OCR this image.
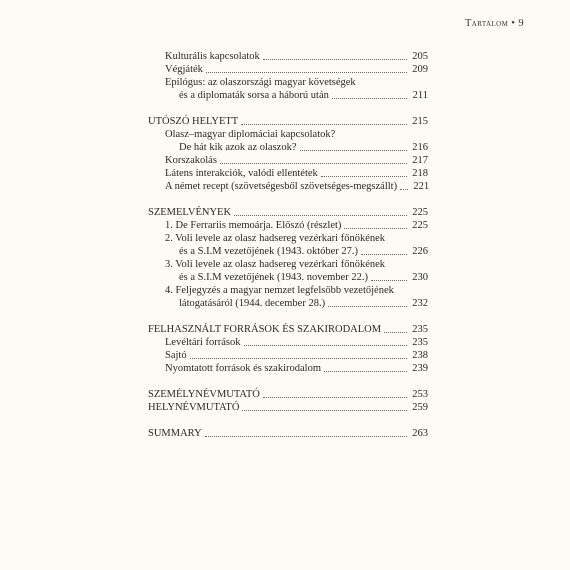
Tartalom • 9
Kulturális kapcsolatok	205
Végjáték	209
Epilógus: az olaszországi magyar követségek
és a diplomaták sorsa a háború után	211
UTÓSZÓ HELYETT	215
Olasz–magyar diplomáciai kapcsolatok?
De hát kik azok az olaszok?	216
Korszakolás	217
Látens interakciók, valódi ellentétek	218
A német recept (szövetségesből szövetséges-megszállt) 221
SZEMELVÉNYEK	225
1. De Ferrariis memoárja. Előszó (részlet)	225
2. Voli levele az olasz hadsereg vezérkari főnökének
és a S.I.M vezetőjének (1943. október 27.)	226
3. Voli levele az olasz hadsereg vezérkari főnökének
és a S.I.M vezetőjének (1943. november 22.)	230
4. Feljegyzés a magyar nemzet legfelsőbb vezetőjének
látogatásáról (1944. december 28.)	232
FELHASZNÁLT FORRÁSOK ÉS SZAKIRODALOM	235
Levéltári források	235
Sajtó	238
Nyomtatott források és szakirodalom	239
SZEMÉLYNÉVMUTATÓ	253
HELYNÉVMUTATÓ	259
SUMMARY	263
